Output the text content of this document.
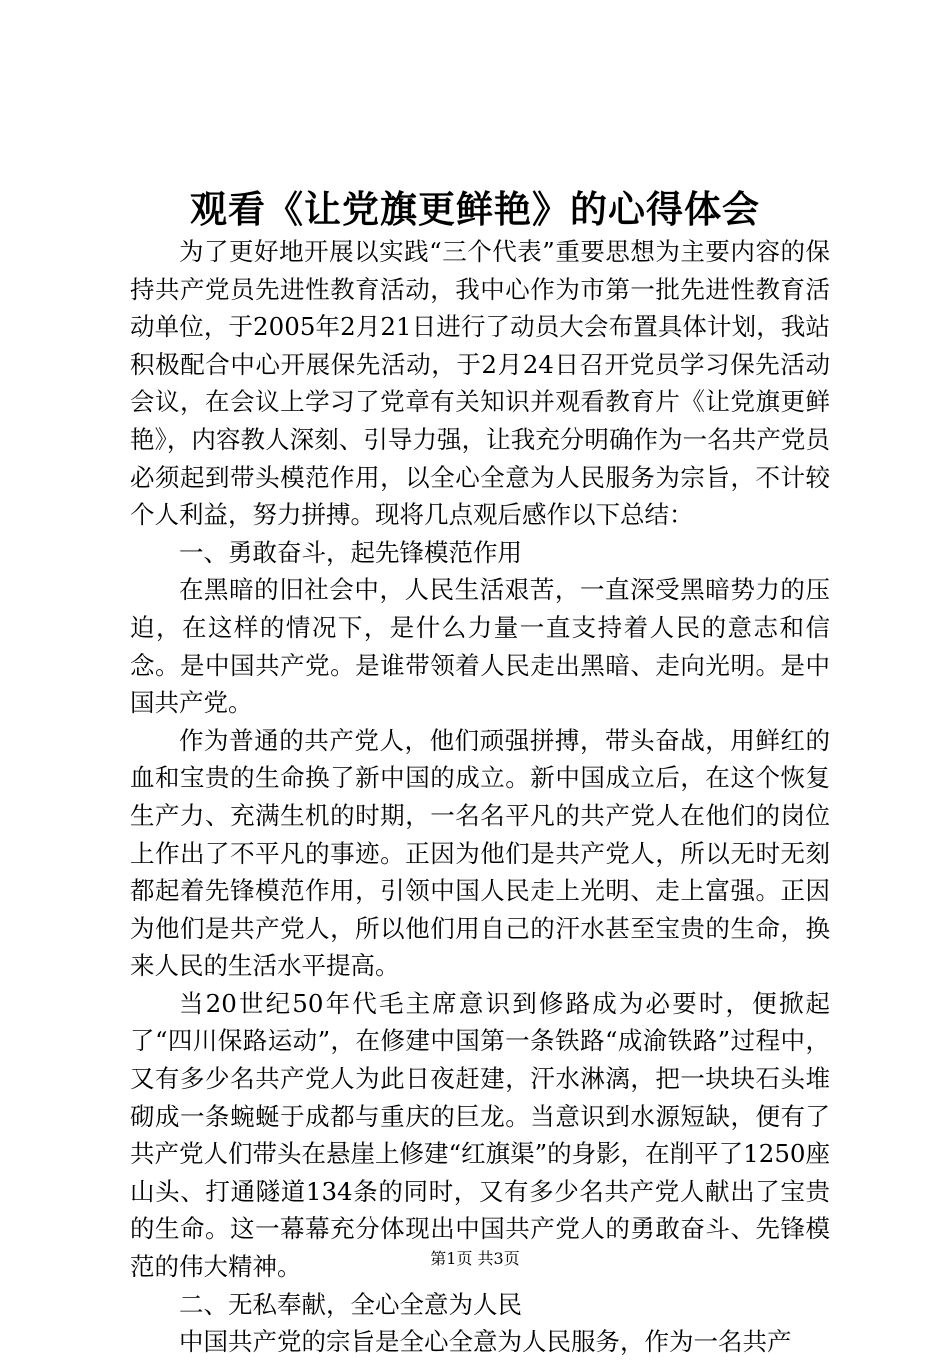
观看《让党旗更鲜艳》的心得体会

为了更好地开展以实践“三个代表”重要思想为主要内容的保持共产党员先进性教育活动，我中心作为市第一批先进性教育活动单位，于2005年2月21日进行了动员大会布置具体计划，我站积极配合中心开展保先活动，于2月24日召开党员学习保先活动会议，在会议上学习了党章有关知识并观看教育片《让党旗更鲜艳》，内容教人深刻、引导力强，让我充分明确作为一名共产党员必须起到带头模范作用，以全心全意为人民服务为宗旨，不计较个人利益，努力拼搏。现将几点观后感作以下总结：

一、勇敢奋斗，起先锋模范作用

在黑暗的旧社会中，人民生活艰苦，一直深受黑暗势力的压迫，在这样的情况下，是什么力量一直支持着人民的意志和信念。是中国共产党。是谁带领着人民走出黑暗、走向光明。是中国共产党。

作为普通的共产党人，他们顽强拼搏，带头奋战，用鲜红的血和宝贵的生命换了新中国的成立。新中国成立后，在这个恢复生产力、充满生机的时期，一名名平凡的共产党人在他们的岗位上作出了不平凡的事迹。正因为他们是共产党人，所以无时无刻都起着先锋模范作用，引领中国人民走上光明、走上富强。正因为他们是共产党人，所以他们用自己的汗水甚至宝贵的生命，换来人民的生活水平提高。

当20世纪50年代毛主席意识到修路成为必要时，便掀起了“四川保路运动”，在修建中国第一条铁路“成渝铁路”过程中，又有多少名共产党人为此日夜赶建，汗水淋漓，把一块块石头堆砌成一条蜿蜒于成都与重庆的巨龙。当意识到水源短缺，便有了共产党人们带头在悬崖上修建“红旗渠”的身影，在削平了1250座山头、打通隧道134条的同时，又有多少名共产党人献出了宝贵的生命。这一幕幕充分体现出中国共产党人的勇敢奋斗、先锋模范的伟大精神。

二、无私奉献，全心全意为人民

中国共产党的宗旨是全心全意为人民服务，作为一名共产

第1页 共3页
